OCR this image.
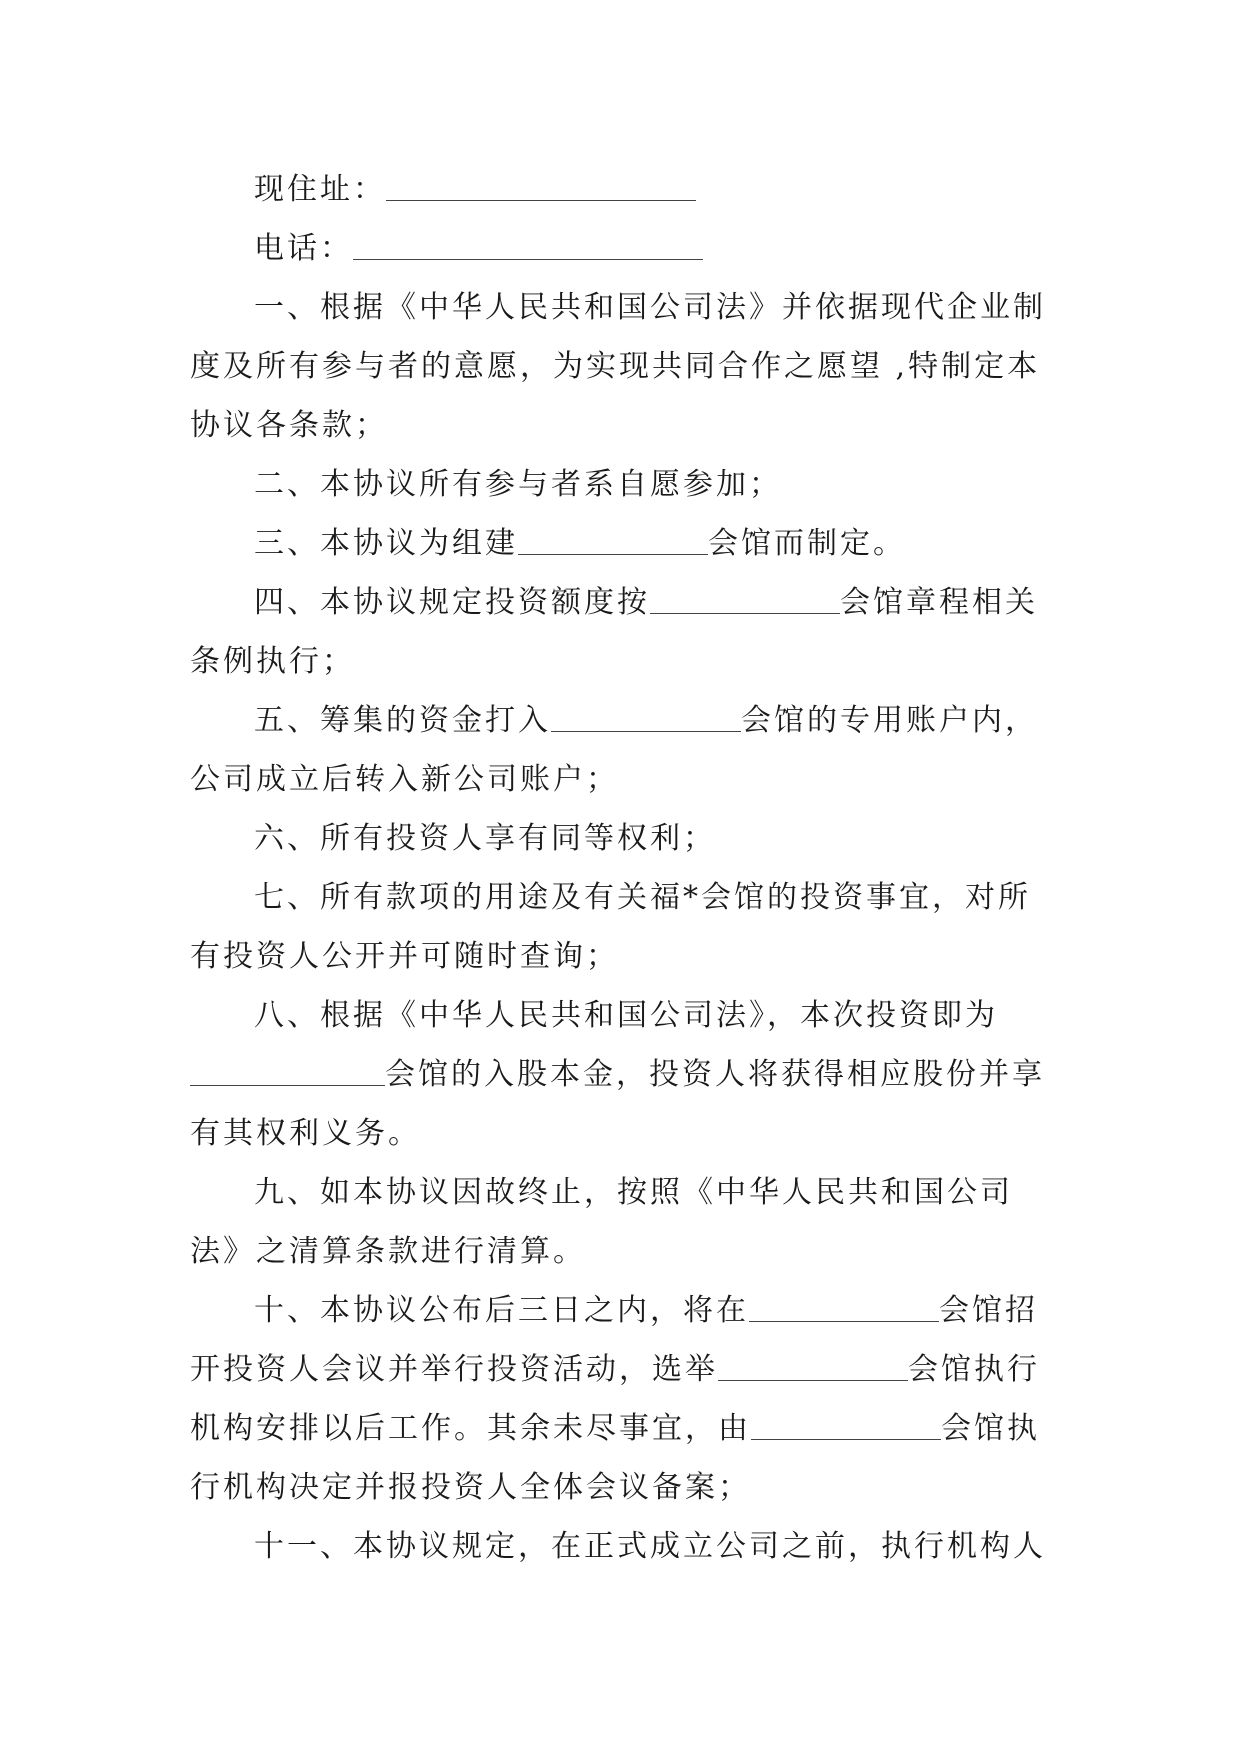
现住址：

电话：

一、根据《中华人民共和国公司法》并依据现代企业制度及所有参与者的意愿，为实现共同合作之愿望 ,特制定本协议各条款；

二、本协议所有参与者系自愿参加；

三、本协议为组建	会馆而制定。

四、本协议规定投资额度按	会馆章程相关条例执行；

五、筹集的资金打入	会馆的专用账户内，公司成立后转入新公司账户；

六、所有投资人享有同等权利；

七、所有款项的用途及有关福*会馆的投资事宜，对所有投资人公开并可随时查询；

八、根据《中华人民共和国公司法》，本次投资即为会馆的入股本金，投资人将获得相应股份并享有其权利义务。

九、如本协议因故终止，按照《中华人民共和国公司法》之清算条款进行清算。

十、本协议公布后三日之内，将在	会馆招开投资人会议并举行投资活动，选举	会馆执行机构安排以后工作。其余未尽事宜，由	会馆执行机构决定并报投资人全体会议备案；

十一、本协议规定，在正式成立公司之前，执行机构人
